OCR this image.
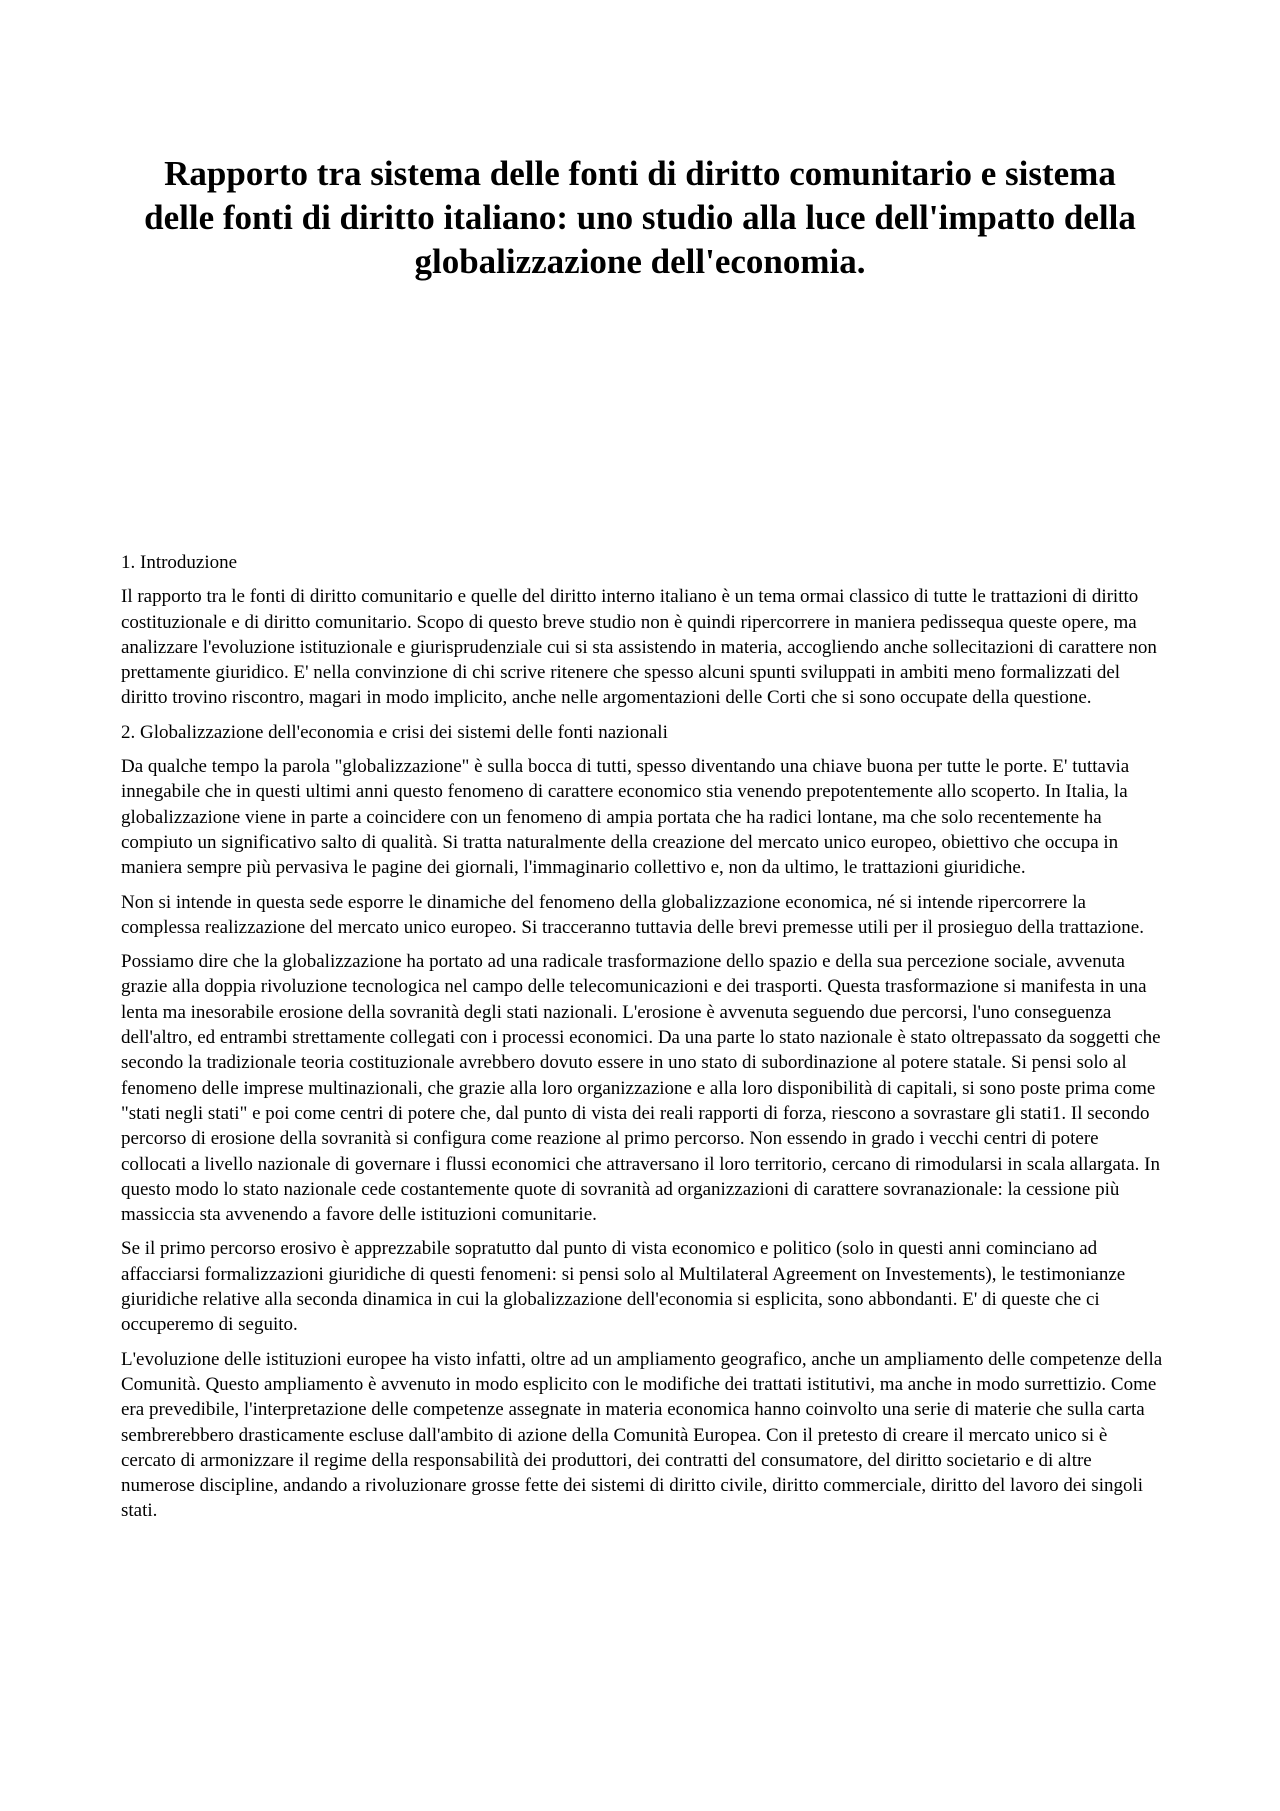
Rapporto tra sistema delle fonti di diritto comunitario e sistema delle fonti di diritto italiano: uno studio alla luce dell'impatto della globalizzazione dell'economia.
1. Introduzione

Il rapporto tra le fonti di diritto comunitario e quelle del diritto interno italiano è un tema ormai classico di tutte le trattazioni di diritto costituzionale e di diritto comunitario. Scopo di questo breve studio non è quindi ripercorrere in maniera pedissequa queste opere, ma analizzare l'evoluzione istituzionale e giurisprudenziale cui si sta assistendo in materia, accogliendo anche sollecitazioni di carattere non prettamente giuridico. E' nella convinzione di chi scrive ritenere che spesso alcuni spunti sviluppati in ambiti meno formalizzati del diritto trovino riscontro, magari in modo implicito, anche nelle argomentazioni delle Corti che si sono occupate della questione.

2. Globalizzazione dell'economia e crisi dei sistemi delle fonti nazionali

Da qualche tempo la parola "globalizzazione" è sulla bocca di tutti, spesso diventando una chiave buona per tutte le porte. E' tuttavia innegabile che in questi ultimi anni questo fenomeno di carattere economico stia venendo prepotentemente allo scoperto. In Italia, la globalizzazione viene in parte a coincidere con un fenomeno di ampia portata che ha radici lontane, ma che solo recentemente ha compiuto un significativo salto di qualità. Si tratta naturalmente della creazione del mercato unico europeo, obiettivo che occupa in maniera sempre più pervasiva le pagine dei giornali, l'immaginario collettivo e, non da ultimo, le trattazioni giuridiche.

Non si intende in questa sede esporre le dinamiche del fenomeno della globalizzazione economica, né si intende ripercorrere la complessa realizzazione del mercato unico europeo. Si tracceranno tuttavia delle brevi premesse utili per il prosieguo della trattazione.

Possiamo dire che la globalizzazione ha portato ad una radicale trasformazione dello spazio e della sua percezione sociale, avvenuta grazie alla doppia rivoluzione tecnologica nel campo delle telecomunicazioni e dei trasporti. Questa trasformazione si manifesta in una lenta ma inesorabile erosione della sovranità degli stati nazionali. L'erosione è avvenuta seguendo due percorsi, l'uno conseguenza dell'altro, ed entrambi strettamente collegati con i processi economici. Da una parte lo stato nazionale è stato oltrepassato da soggetti che secondo la tradizionale teoria costituzionale avrebbero dovuto essere in uno stato di subordinazione al potere statale. Si pensi solo al fenomeno delle imprese multinazionali, che grazie alla loro organizzazione e alla loro disponibilità di capitali, si sono poste prima come "stati negli stati" e poi come centri di potere che, dal punto di vista dei reali rapporti di forza, riescono a sovrastare gli stati1. Il secondo percorso di erosione della sovranità si configura come reazione al primo percorso. Non essendo in grado i vecchi centri di potere collocati a livello nazionale di governare i flussi economici che attraversano il loro territorio, cercano di rimodularsi in scala allargata. In questo modo lo stato nazionale cede costantemente quote di sovranità ad organizzazioni di carattere sovranazionale: la cessione più massiccia sta avvenendo a favore delle istituzioni comunitarie.

Se il primo percorso erosivo è apprezzabile sopratutto dal punto di vista economico e politico (solo in questi anni cominciano ad affacciarsi formalizzazioni giuridiche di questi fenomeni: si pensi solo al Multilateral Agreement on Investements), le testimonianze giuridiche relative alla seconda dinamica in cui la globalizzazione dell'economia si esplicita, sono abbondanti. E' di queste che ci occuperemo di seguito.

L'evoluzione delle istituzioni europee ha visto infatti, oltre ad un ampliamento geografico, anche un ampliamento delle competenze della Comunità. Questo ampliamento è avvenuto in modo esplicito con le modifiche dei trattati istitutivi, ma anche in modo surrettizio. Come era prevedibile, l'interpretazione delle competenze assegnate in materia economica hanno coinvolto una serie di materie che sulla carta sembrerebbero drasticamente escluse dall'ambito di azione della Comunità Europea. Con il pretesto di creare il mercato unico si è cercato di armonizzare il regime della responsabilità dei produttori, dei contratti del consumatore, del diritto societario e di altre numerose discipline, andando a rivoluzionare grosse fette dei sistemi di diritto civile, diritto commerciale, diritto del lavoro dei singoli stati.
